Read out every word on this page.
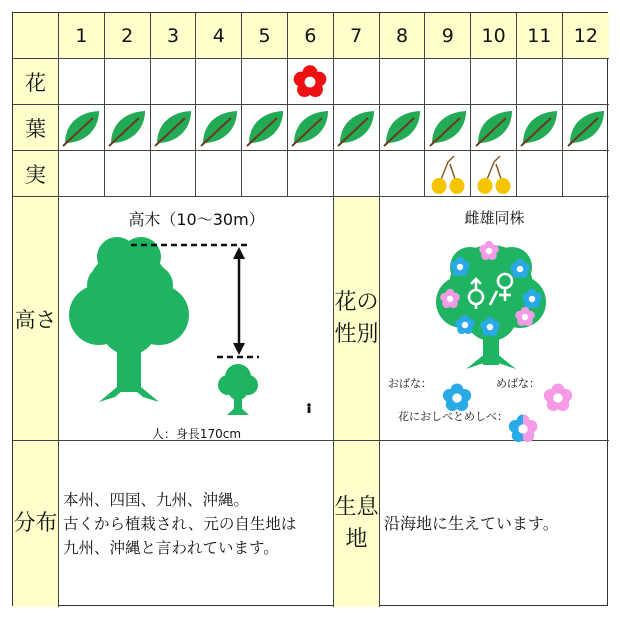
花
葉
実
高さ
高木（10〜30m）
人：身長170cm
花の性別
雌雄同株
おばな：	めばな：
花におしべとめしべ：
分布
本州、四国、九州、沖縄。
古くから植栽され、元の自生地は
九州、沖縄と言われています。
生息地
沿海地に生えています。
1 2 3 4 5 6 7 8 9 10 11 12
